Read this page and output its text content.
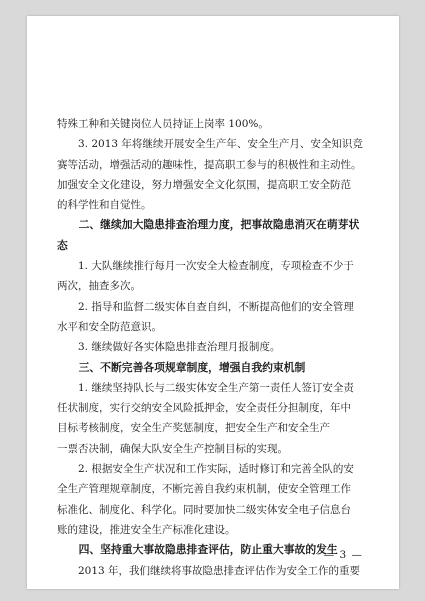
特殊工种和关键岗位人员持证上岗率 100%。
3. 2013 年将继续开展安全生产年、安全生产月、安全知识竞
赛等活动，增强活动的趣味性，提高职工参与的积极性和主动性。
加强安全文化建设，努力增强安全文化氛围，提高职工安全防范
的科学性和自觉性。
二、继续加大隐患排查治理力度，把事故隐患消灭在萌芽状
态
1. 大队继续推行每月一次安全大检查制度，专项检查不少于
两次，抽查多次。
2. 指导和监督二级实体自查自纠，不断提高他们的安全管理
水平和安全防范意识。
3. 继续做好各实体隐患排查治理月报制度。
三、不断完善各项规章制度，增强自我约束机制
1. 继续坚持队长与二级实体安全生产第一责任人签订安全责
任状制度，实行交纳安全风险抵押金，安全责任分担制度，年中
目标考核制度，安全生产奖惩制度，把安全生产和安全生产
一票否决制，确保大队安全生产控制目标的实现。
2. 根据安全生产状况和工作实际，适时修订和完善全队的安
全生产管理规章制度，不断完善自我约束机制，使安全管理工作
标准化、制度化、科学化。同时要加快二级实体安全电子信息台
账的建设，推进安全生产标准化建设。
四、坚持重大事故隐患排查评估，防止重大事故的发生
2013 年，我们继续将事故隐患排查评估作为安全工作的重要
— 3 —
